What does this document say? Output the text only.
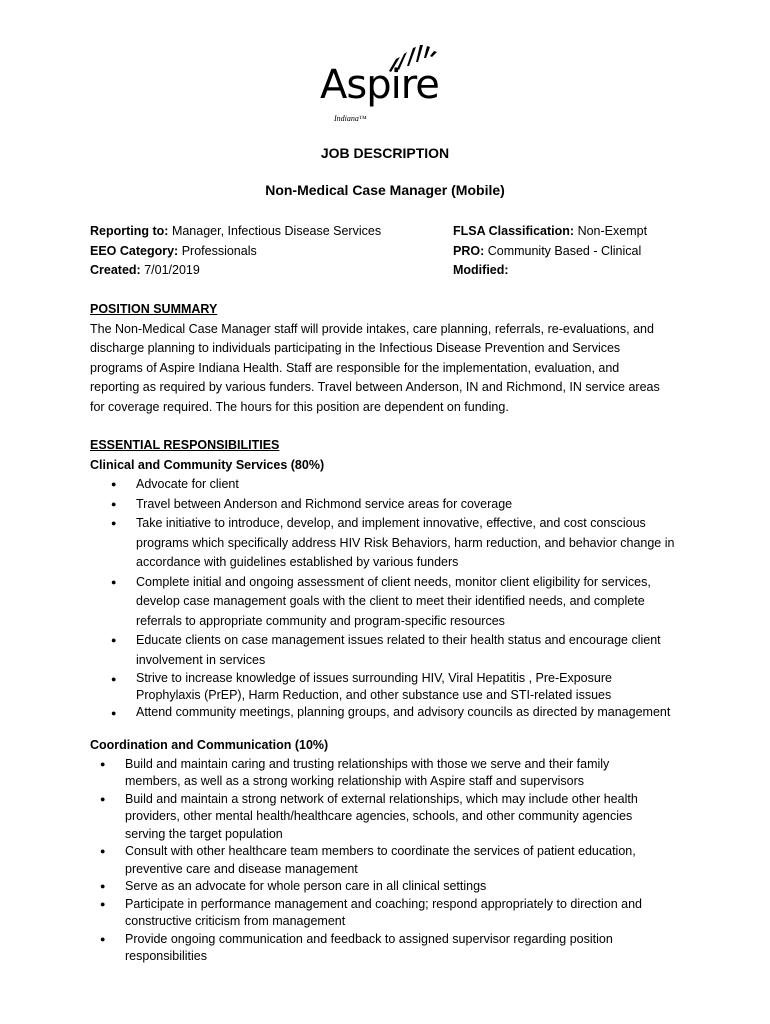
Aspire
Indiana™
JOB DESCRIPTION
Non-Medical Case Manager (Mobile)
Reporting to: Manager, Infectious Disease Services
EEO Category: Professionals
Created: 7/01/2019
FLSA Classification: Non-Exempt
PRO: Community Based - Clinical
Modified:
POSITION SUMMARY
The Non-Medical Case Manager staff will provide intakes, care planning, referrals, re-evaluations, and
discharge planning to individuals participating in the Infectious Disease Prevention and Services
programs of Aspire Indiana Health. Staff are responsible for the implementation, evaluation, and
reporting as required by various funders. Travel between Anderson, IN and Richmond, IN service areas
for coverage required. The hours for this position are dependent on funding.
ESSENTIAL RESPONSIBILITIES
Clinical and Community Services (80%)
● Advocate for client
● Travel between Anderson and Richmond service areas for coverage
● Take initiative to introduce, develop, and implement innovative, effective, and cost conscious
programs which specifically address HIV Risk Behaviors, harm reduction, and behavior change in
accordance with guidelines established by various funders
● Complete initial and ongoing assessment of client needs, monitor client eligibility for services,
develop case management goals with the client to meet their identified needs, and complete
referrals to appropriate community and program-specific resources
● Educate clients on case management issues related to their health status and encourage client
involvement in services
● Strive to increase knowledge of issues surrounding HIV, Viral Hepatitis , Pre-Exposure
Prophylaxis (PrEP), Harm Reduction, and other substance use and STI-related issues
● Attend community meetings, planning groups, and advisory councils as directed by management
Coordination and Communication (10%)
● Build and maintain caring and trusting relationships with those we serve and their family
members, as well as a strong working relationship with Aspire staff and supervisors
● Build and maintain a strong network of external relationships, which may include other health
providers, other mental health/healthcare agencies, schools, and other community agencies
serving the target population
● Consult with other healthcare team members to coordinate the services of patient education,
preventive care and disease management
● Serve as an advocate for whole person care in all clinical settings
● Participate in performance management and coaching; respond appropriately to direction and
constructive criticism from management
● Provide ongoing communication and feedback to assigned supervisor regarding position
responsibilities
